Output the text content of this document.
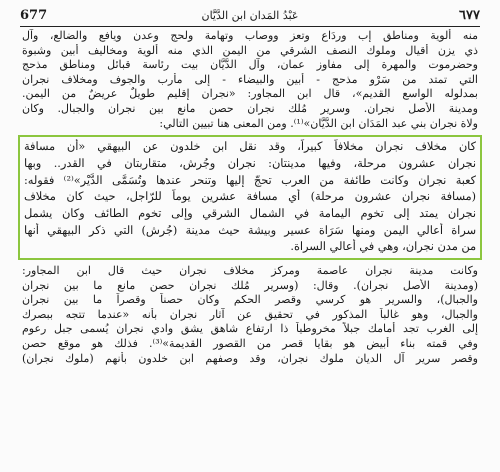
677	عَبْدُ المَدان ابن الدَّيَّان	٦٧٧
منه ألوية ومناطق إب وردَاع وتعز ووصاب وتهامة ولحج وعدن ويافع والضالع، وآل
ذي يزن أقيال وملوك النصف الشرقي من اليمن الذي منه ألوية ومخاليف أبين وشبوة
وحضرموت والمهرة إلى مفاوز عمان، وآل الدَّيَّان بيت رئاسة قبائل ومناطق مذحج
التي تمتد من سَرْو مذحج - أبين والبيضاء - إلى مأرب والجوف ومخلاف نجران
بمدلوله الواسع القديم»، قال ابن المجاور: «نجران إقليم طويلٌ عريضٌ من اليمن.
ومدينة الأصل نجران. وسرير مُلك نجران حصن مانع بين نجران والجبال. وكان
ولاة نجران بني عبد المَدَان ابن الدَّيَّان»⁽¹⁾. ومن المعنى هنا تبيين التالي:
كان مخلاف نجران مخلافاً كبيراً، وقد نقل ابن خلدون عن البيهقي «أن مسافة
نجران عشرون مرحلة، وفيها مدينتان: نجران وجُرش، متقاربتان في القدر.. وبها
كعبة نجران وكانت طائفة من العرب تحجّ إليها وتنحر عندها وتُسَمَّى الدَّيْر»⁽²⁾ فقوله:
(مسافة نجران عشرون مرحلة) أي مسافة عشرين يوماً للرّاجل، حيث كان مخلاف
نجران يمتد إلى تخوم اليمامة في الشمال الشرقي وإلى تخوم الطائف وكان يشمل
سراة أعالي اليمن ومنها سَرَاة عسير وبيشة حيث مدينة (جُرش) التي ذكر البيهقي أنها
من مدن نجران، وهي في أعالي السراة.
وكانت مدينة نجران عاصمة ومركز مخلاف نجران حيث قال ابن المجاور:
(ومدينة الأصل نجران). وقال: (وسرير مُلك نجران حصن مانع ما بين نجران
والجبال)، والسرير هو كرسي وقصر الحكم وكان حصناً وقصراً ما بين نجران
والجبال، وهو غالباً المذكور في تحقيق عن آثار نجران بأنه «عندما تتجه ببصرك
إلى الغرب تجد أمامك جبلاً مخروطياً ذا ارتفاع شاهق يشق وادي نجران يُسمى جبل رعوم
وفي قمته بناء أبيض هو بقايا قصر من القصور القديمة»⁽³⁾. فذلك هو موقع حصن
وقصر سرير آل الديان ملوك نجران، وقد وصفهم ابن خلدون بأنهم (ملوك نجران)
